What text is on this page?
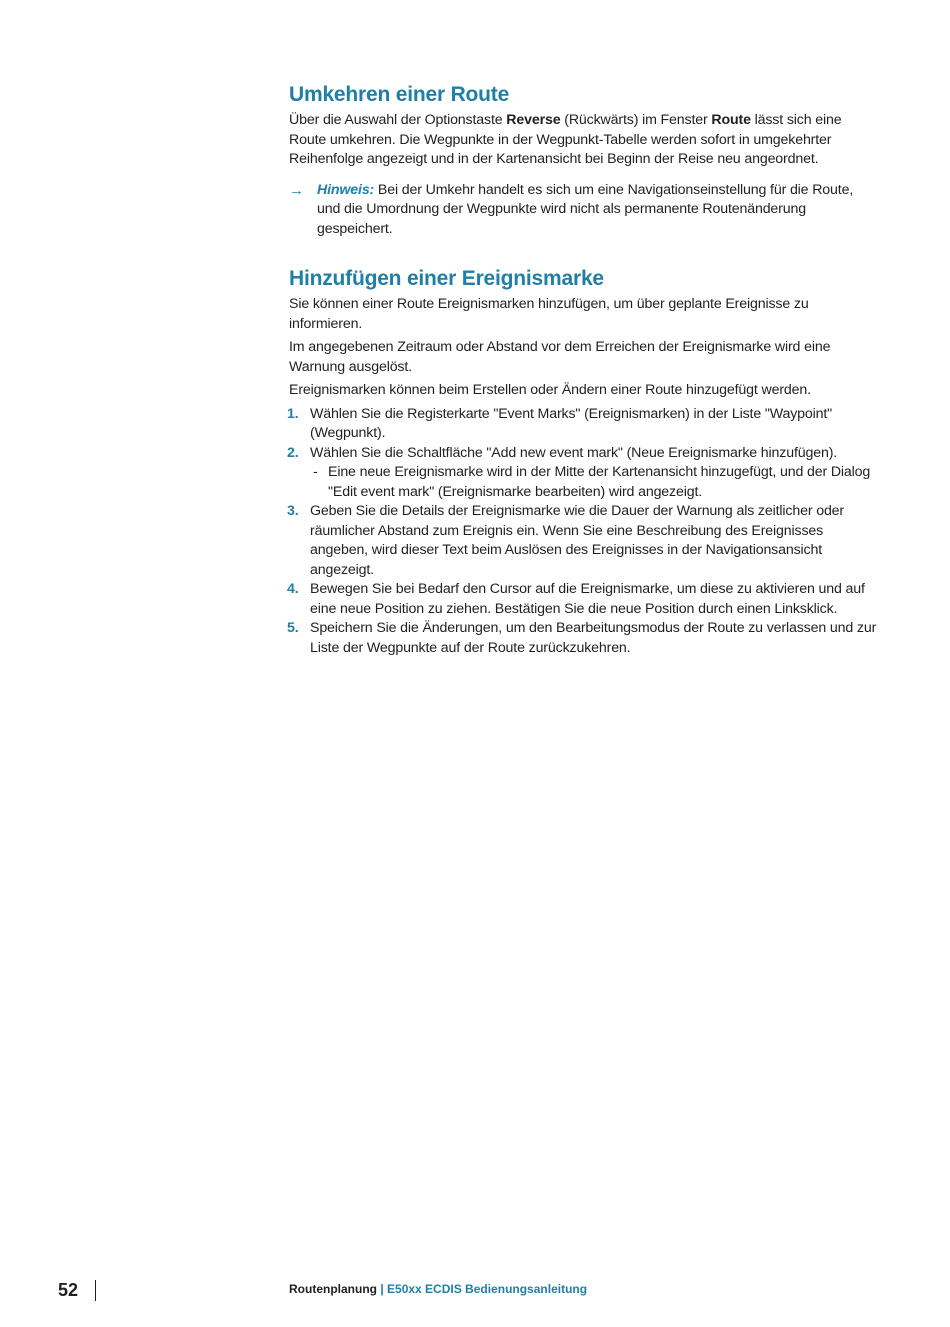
Umkehren einer Route

Über die Auswahl der Optionstaste Reverse (Rückwärts) im Fenster Route lässt sich eine Route umkehren. Die Wegpunkte in der Wegpunkt-Tabelle werden sofort in umgekehrter Reihenfolge angezeigt und in der Kartenansicht bei Beginn der Reise neu angeordnet.

→ Hinweis: Bei der Umkehr handelt es sich um eine Navigationseinstellung für die Route, und die Umordnung der Wegpunkte wird nicht als permanente Routenänderung gespeichert.
Hinzufügen einer Ereignismarke

Sie können einer Route Ereignismarken hinzufügen, um über geplante Ereignisse zu informieren.

Im angegebenen Zeitraum oder Abstand vor dem Erreichen der Ereignismarke wird eine Warnung ausgelöst.

Ereignismarken können beim Erstellen oder Ändern einer Route hinzugefügt werden.

1. Wählen Sie die Registerkarte "Event Marks" (Ereignismarken) in der Liste "Waypoint" (Wegpunkt).
2. Wählen Sie die Schaltfläche "Add new event mark" (Neue Ereignismarke hinzufügen).
- Eine neue Ereignismarke wird in der Mitte der Kartenansicht hinzugefügt, und der Dialog "Edit event mark" (Ereignismarke bearbeiten) wird angezeigt.
3. Geben Sie die Details der Ereignismarke wie die Dauer der Warnung als zeitlicher oder räumlicher Abstand zum Ereignis ein. Wenn Sie eine Beschreibung des Ereignisses angeben, wird dieser Text beim Auslösen des Ereignisses in der Navigationsansicht angezeigt.
4. Bewegen Sie bei Bedarf den Cursor auf die Ereignismarke, um diese zu aktivieren und auf eine neue Position zu ziehen. Bestätigen Sie die neue Position durch einen Linksklick.
5. Speichern Sie die Änderungen, um den Bearbeitungsmodus der Route zu verlassen und zur Liste der Wegpunkte auf der Route zurückzukehren.
52	Routenplanung | E50xx ECDIS Bedienungsanleitung
